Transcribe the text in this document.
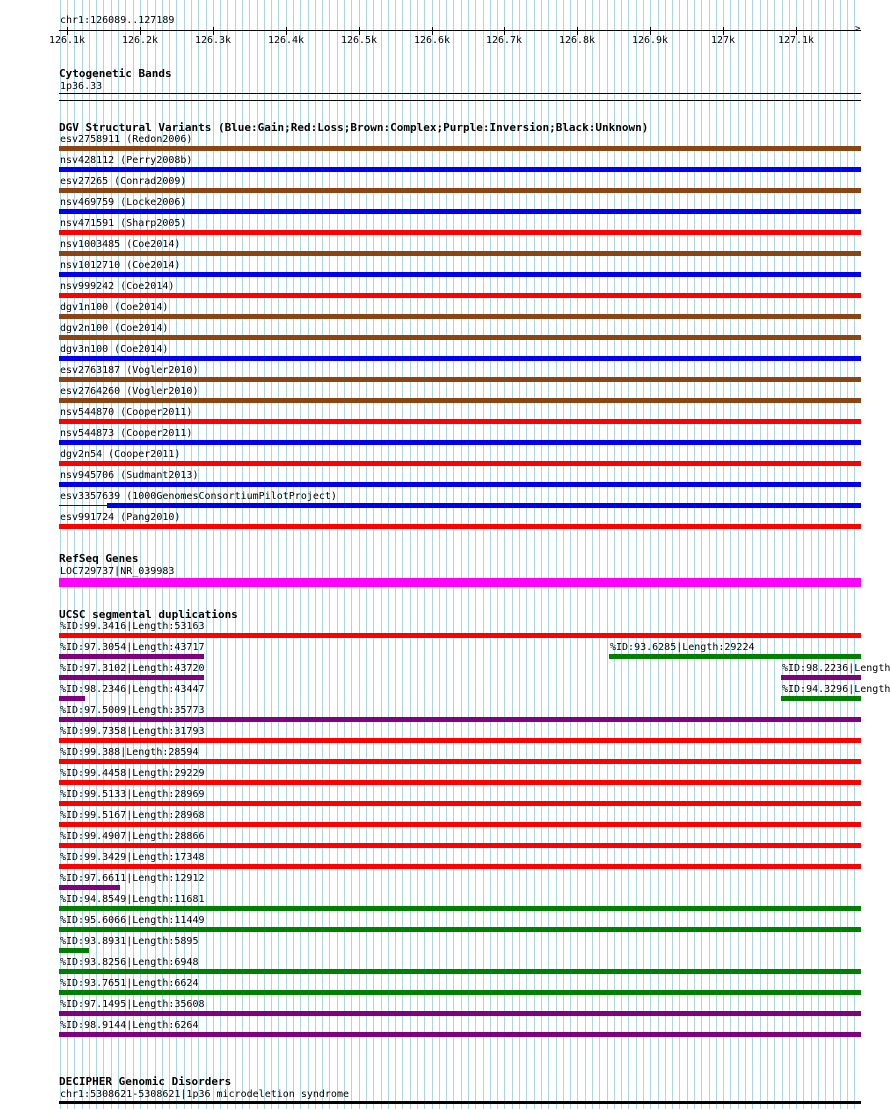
chr1:126089..127189
>
126.1k	126.2k	126.3k	126.4k	126.5k	126.6k	126.7k	126.8k	126.9k	127k	127.1k
Cytogenetic Bands
1p36.33
DGV Structural Variants (Blue:Gain;Red:Loss;Brown:Complex;Purple:Inversion;Black:Unknown)
esv2758911 (Redon2006)
nsv428112 (Perry2008b)
esv27265 (Conrad2009)
nsv469759 (Locke2006)
nsv471591 (Sharp2005)
nsv1003485 (Coe2014)
nsv1012710 (Coe2014)
nsv999242 (Coe2014)
dgv1n100 (Coe2014)
dgv2n100 (Coe2014)
dgv3n100 (Coe2014)
esv2763187 (Vogler2010)
esv2764260 (Vogler2010)
nsv544870 (Cooper2011)
nsv544873 (Cooper2011)
dgv2n54 (Cooper2011)
nsv945706 (Sudmant2013)
esv3357639 (1000GenomesConsortiumPilotProject)
esv991724 (Pang2010)
RefSeq Genes
LOC729737|NR_039983
UCSC segmental duplications
%ID:99.3416|Length:53163
%ID:97.3054|Length:43717	%ID:93.6285|Length:29224
%ID:97.3102|Length:43720	%ID:98.2236|Length
%ID:98.2346|Length:43447	%ID:94.3296|Length
%ID:97.5009|Length:35773
%ID:99.7358|Length:31793
%ID:99.388|Length:28594
%ID:99.4458|Length:29229
%ID:99.5133|Length:28969
%ID:99.5167|Length:28968
%ID:99.4907|Length:28866
%ID:99.3429|Length:17348
%ID:97.6611|Length:12912
%ID:94.8549|Length:11681
%ID:95.6066|Length:11449
%ID:93.8931|Length:5895
%ID:93.8256|Length:6948
%ID:93.7651|Length:6624
%ID:97.1495|Length:35608
%ID:98.9144|Length:6264
DECIPHER Genomic Disorders
chr1:5308621-5308621|1p36 microdeletion syndrome
